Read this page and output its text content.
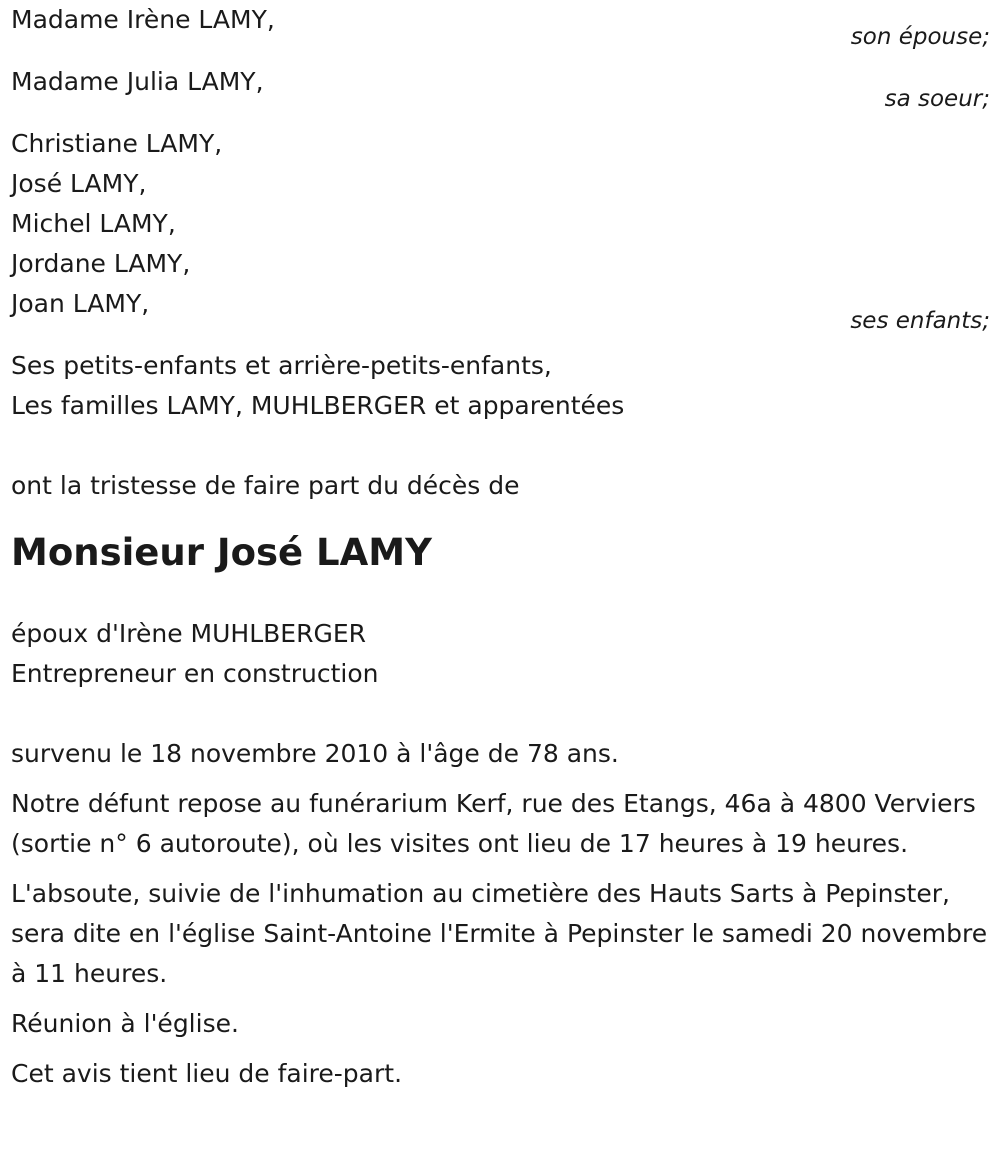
Madame Irène LAMY,
son épouse;
Madame Julia LAMY,
sa soeur;
Christiane LAMY,
José LAMY,
Michel LAMY,
Jordane LAMY,
Joan LAMY,
ses enfants;
Ses petits-enfants et arrière-petits-enfants,
Les familles LAMY, MUHLBERGER et apparentées
ont la tristesse de faire part du décès de
Monsieur José LAMY
époux d'Irène MUHLBERGER
Entrepreneur en construction
survenu le 18 novembre 2010 à l'âge de 78 ans.
Notre défunt repose au funérarium Kerf, rue des Etangs, 46a à 4800 Verviers (sortie n° 6 autoroute), où les visites ont lieu de 17 heures à 19 heures.
L'absoute, suivie de l'inhumation au cimetière des Hauts Sarts à Pepinster, sera dite en l'église Saint-Antoine l'Ermite à Pepinster le samedi 20 novembre à 11 heures.
Réunion à l'église.
Cet avis tient lieu de faire-part.
